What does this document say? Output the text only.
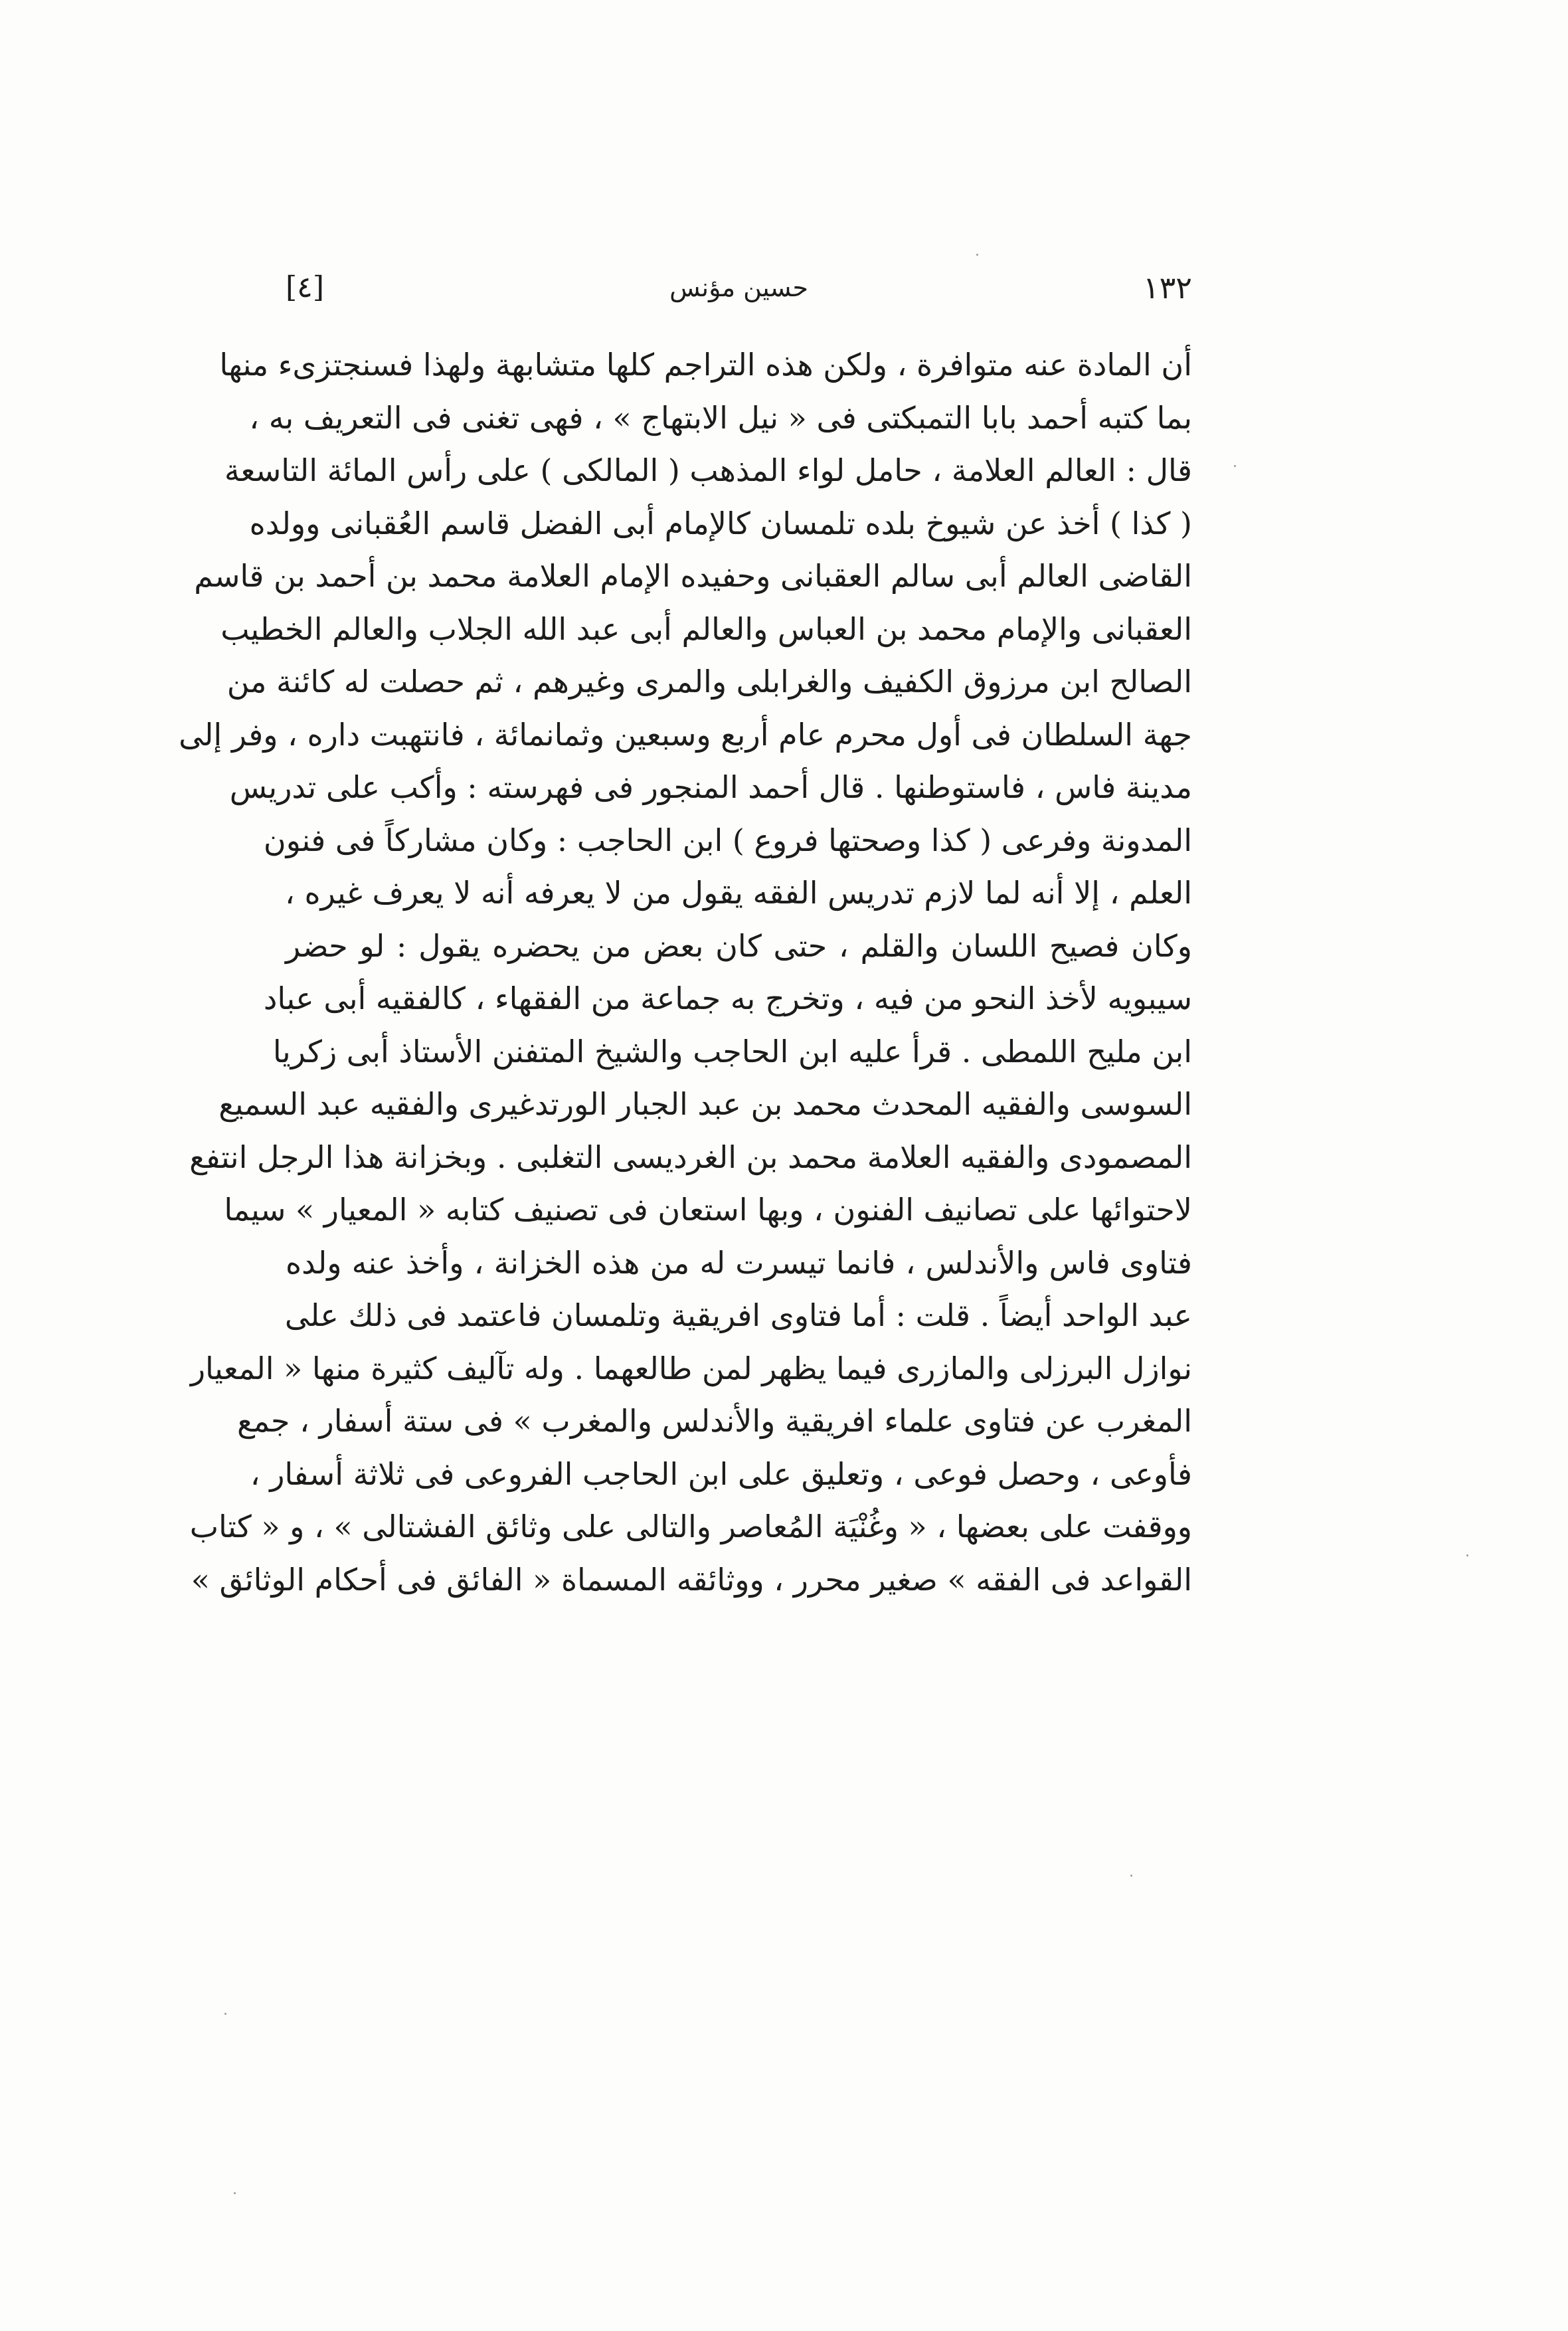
١٣٢
حسين مؤنس
[٤]
أن المادة عنه متوافرة ، ولكن هذه التراجم كلها متشابهة ولهذا فسنجتزىء منها
بما كتبه أحمد بابا التمبكتى فى « نيل الابتهاج » ، فهى تغنى فى التعريف به ،
قال : العالم العلامة ، حامل لواء المذهب ( المالكى ) على رأس المائة التاسعة
( كذا ) أخذ عن شيوخ بلده تلمسان كالإمام أبى الفضل قاسم العُقبانى وولده
القاضى العالم أبى سالم العقبانى وحفيده الإمام العلامة محمد بن أحمد بن قاسم
العقبانى والإمام محمد بن العباس والعالم أبى عبد الله الجلاب والعالم الخطيب
الصالح ابن مرزوق الكفيف والغرابلى والمرى وغيرهم ، ثم حصلت له كائنة من
جهة السلطان فى أول محرم عام أربع وسبعين وثمانمائة ، فانتهبت داره ، وفر إلى
مدينة فاس ، فاستوطنها . قال أحمد المنجور فى فهرسته : وأكب على تدريس
المدونة وفرعى ( كذا وصحتها فروع ) ابن الحاجب : وكان مشاركاً فى فنون
العلم ، إلا أنه لما لازم تدريس الفقه يقول من لا يعرفه أنه لا يعرف غيره ،
وكان فصيح اللسان والقلم ، حتى كان بعض من يحضره يقول : لو حضر
سيبويه لأخذ النحو من فيه ، وتخرج به جماعة من الفقهاء ، كالفقيه أبى عباد
ابن مليح اللمطى . قرأ عليه ابن الحاجب والشيخ المتفنن الأستاذ أبى زكريا
السوسى والفقيه المحدث محمد بن عبد الجبار الورتدغيرى والفقيه عبد السميع
المصمودى والفقيه العلامة محمد بن الغرديسى التغلبى . وبخزانة هذا الرجل انتفع
لاحتوائها على تصانيف الفنون ، وبها استعان فى تصنيف كتابه « المعيار » سيما
فتاوى فاس والأندلس ، فانما تيسرت له من هذه الخزانة ، وأخذ عنه ولده
عبد الواحد أيضاً . قلت : أما فتاوى افريقية وتلمسان فاعتمد فى ذلك على
نوازل البرزلى والمازرى فيما يظهر لمن طالعهما . وله تآليف كثيرة منها « المعيار
المغرب عن فتاوى علماء افريقية والأندلس والمغرب » فى ستة أسفار ، جمع
فأوعى ، وحصل فوعى ، وتعليق على ابن الحاجب الفروعى فى ثلاثة أسفار ،
ووقفت على بعضها ، « وغُنْيَة المُعاصر والتالى على وثائق الفشتالى » ، و « كتاب
القواعد فى الفقه » صغير محرر ، ووثائقه المسماة « الفائق فى أحكام الوثائق »
